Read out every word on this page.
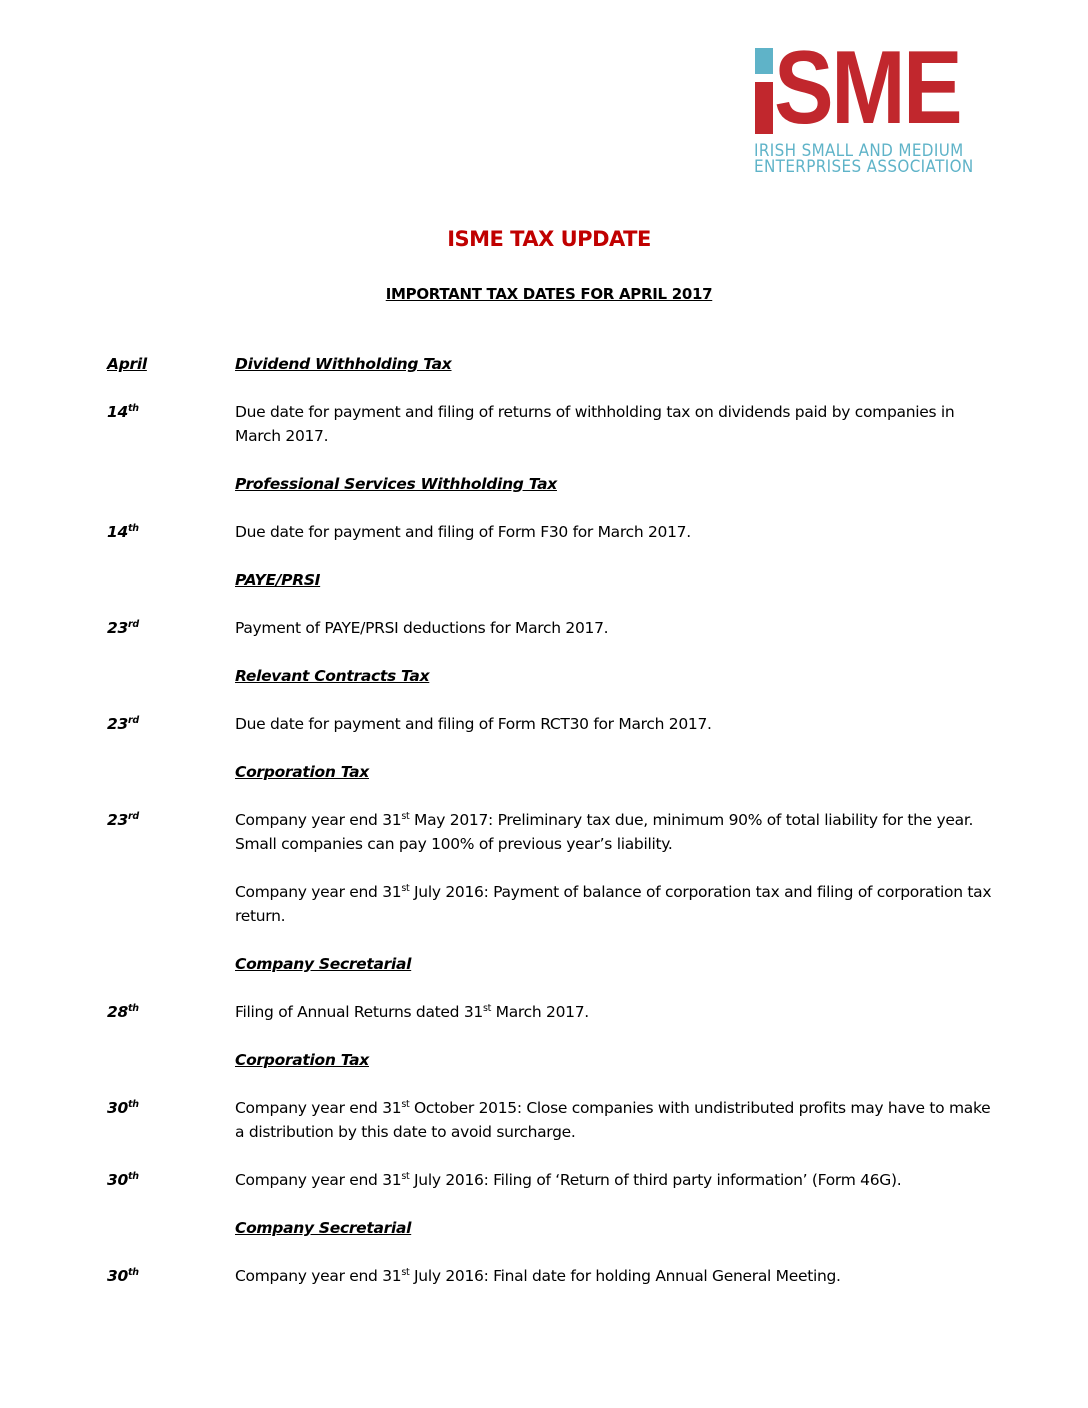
SME
IRISH SMALL AND MEDIUM
ENTERPRISES ASSOCIATION
ISME TAX UPDATE
IMPORTANT TAX DATES FOR APRIL 2017
April	Dividend Withholding Tax
14th	Due date for payment and filing of returns of withholding tax on dividends paid by companies in March 2017.
Professional Services Withholding Tax
14th	Due date for payment and filing of Form F30 for March 2017.
PAYE/PRSI
23rd	Payment of PAYE/PRSI deductions for March 2017.
Relevant Contracts Tax
23rd	Due date for payment and filing of Form RCT30 for March 2017.
Corporation Tax
23rd	Company year end 31st May 2017: Preliminary tax due, minimum 90% of total liability for the year. Small companies can pay 100% of previous year’s liability.
Company year end 31st July 2016: Payment of balance of corporation tax and filing of corporation tax return.
Company Secretarial
28th	Filing of Annual Returns dated 31st March 2017.
Corporation Tax
30th	Company year end 31st October 2015: Close companies with undistributed profits may have to make a distribution by this date to avoid surcharge.
30th	Company year end 31st July 2016: Filing of ‘Return of third party information’ (Form 46G).
Company Secretarial
30th	Company year end 31st July 2016: Final date for holding Annual General Meeting.
